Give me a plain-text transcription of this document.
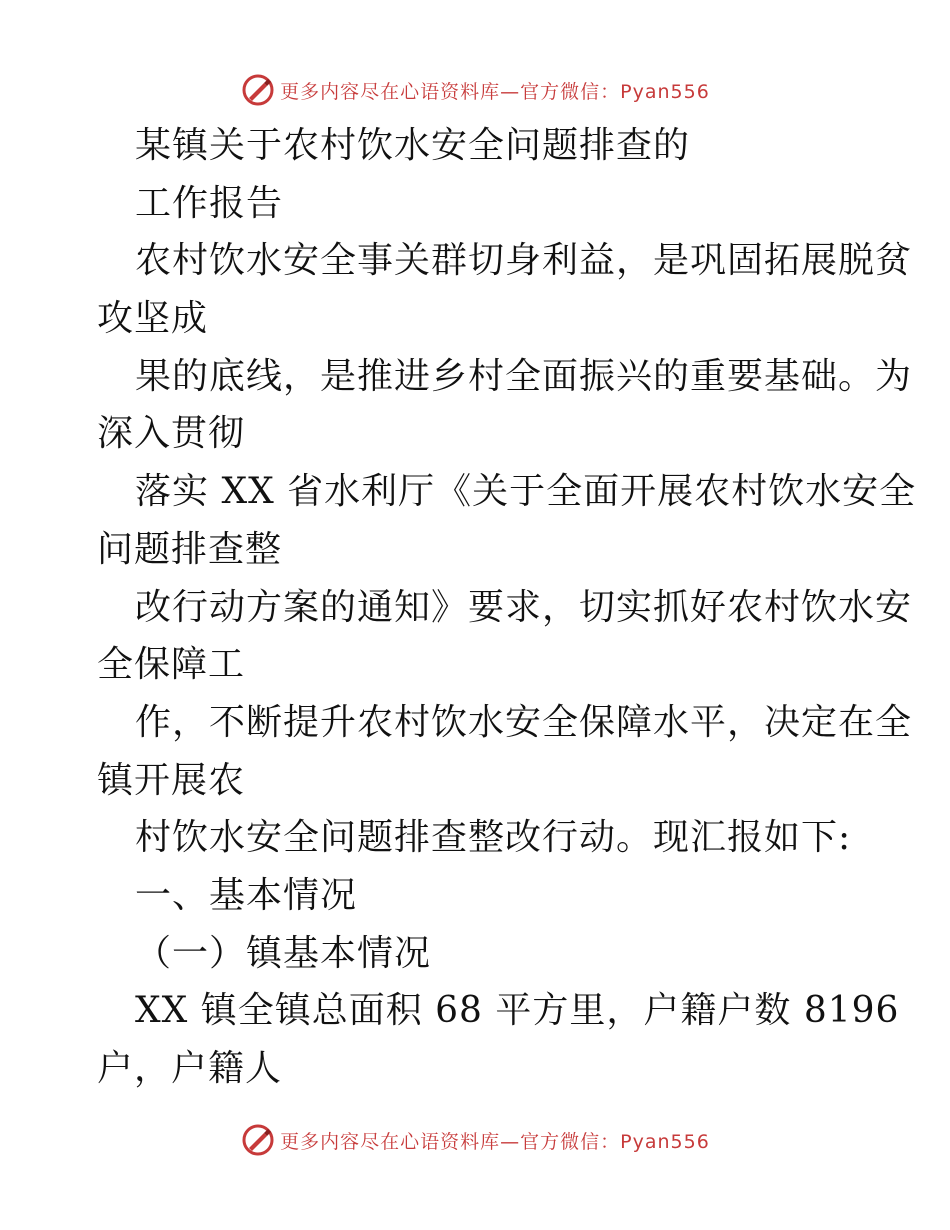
更多内容尽在心语资料库—官方微信：Pyan556
某镇关于农村饮水安全问题排查的
工作报告
农村饮水安全事关群切身利益，是巩固拓展脱贫
攻坚成
果的底线，是推进乡村全面振兴的重要基础。为
深入贯彻
落实 XX 省水利厅《关于全面开展农村饮水安全
问题排查整
改行动方案的通知》要求，切实抓好农村饮水安
全保障工
作，不断提升农村饮水安全保障水平，决定在全
镇开展农
村饮水安全问题排查整改行动。现汇报如下:
一、基本情况
（一）镇基本情况
XX 镇全镇总面积 68 平方里，户籍户数 8196
户，户籍人
更多内容尽在心语资料库—官方微信：Pyan556
